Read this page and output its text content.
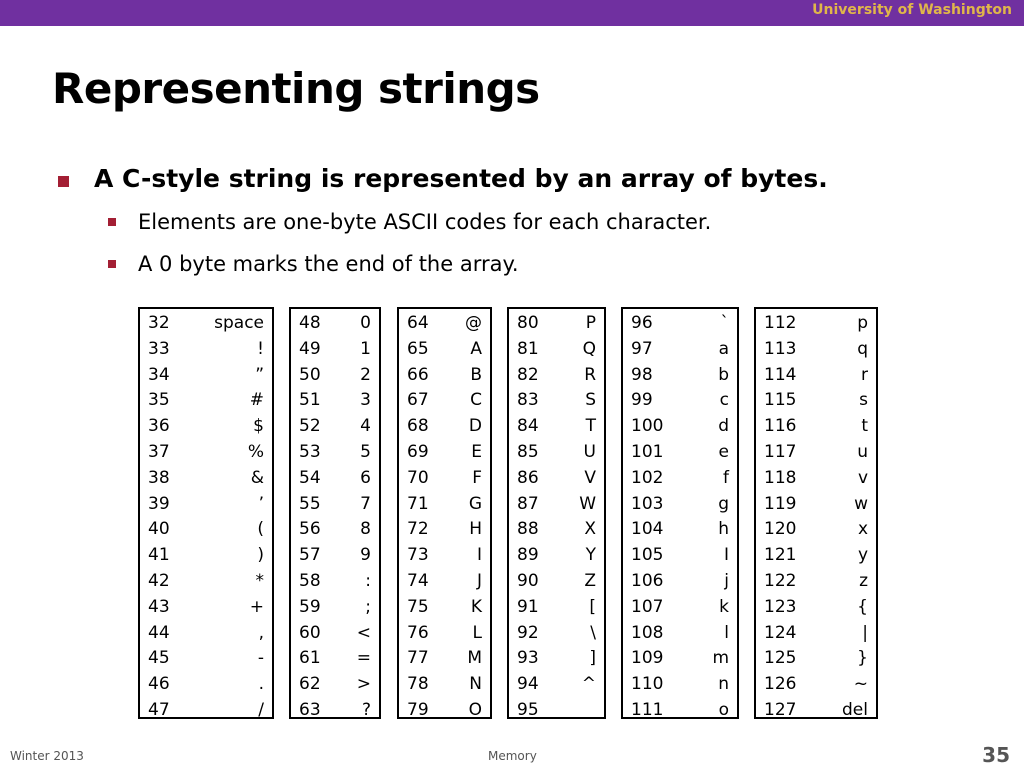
University of Washington
Representing strings
A C-style string is represented by an array of bytes.
Elements are one-byte ASCII codes for each character.
A 0 byte marks the end of the array.
32	space
33	!
34	”
35	#
36	$
37	%
38	&
39	’
40	(
41	)
42	*
43	+
44	,
45	-
46	.
47	/
48 0
49 1
50 2
51 3
52 4
53 5
54 6
55 7
56 8
57 9
58	:
59	;
60 <
61 =
62 >
63 ?
64 @
65 A
66 B
67 C
68 D
69	E
70	F
71 G
72 H
73	I
74	J
75 K
76	L
77 M
78 N
79 O
80	P
81	Q
82	R
83	S
84	T
85	U
86	V
87 W
88	X
89	Y
90	Z
91	[
92	\
93	]
94	^
95	_
96	`
97	a
98	b
99	c
100	d
101	e
102	f
103	g
104	h
105	I
106	j
107	k
108	l
109	m
110	n
111	o
112	p
113	q
114	r
115	s
116	t
117	u
118	v
119	w
120	x
121	y
122	z
123	{
124	|
125	}
126	~
127	del
Winter 2013	Memory	35
